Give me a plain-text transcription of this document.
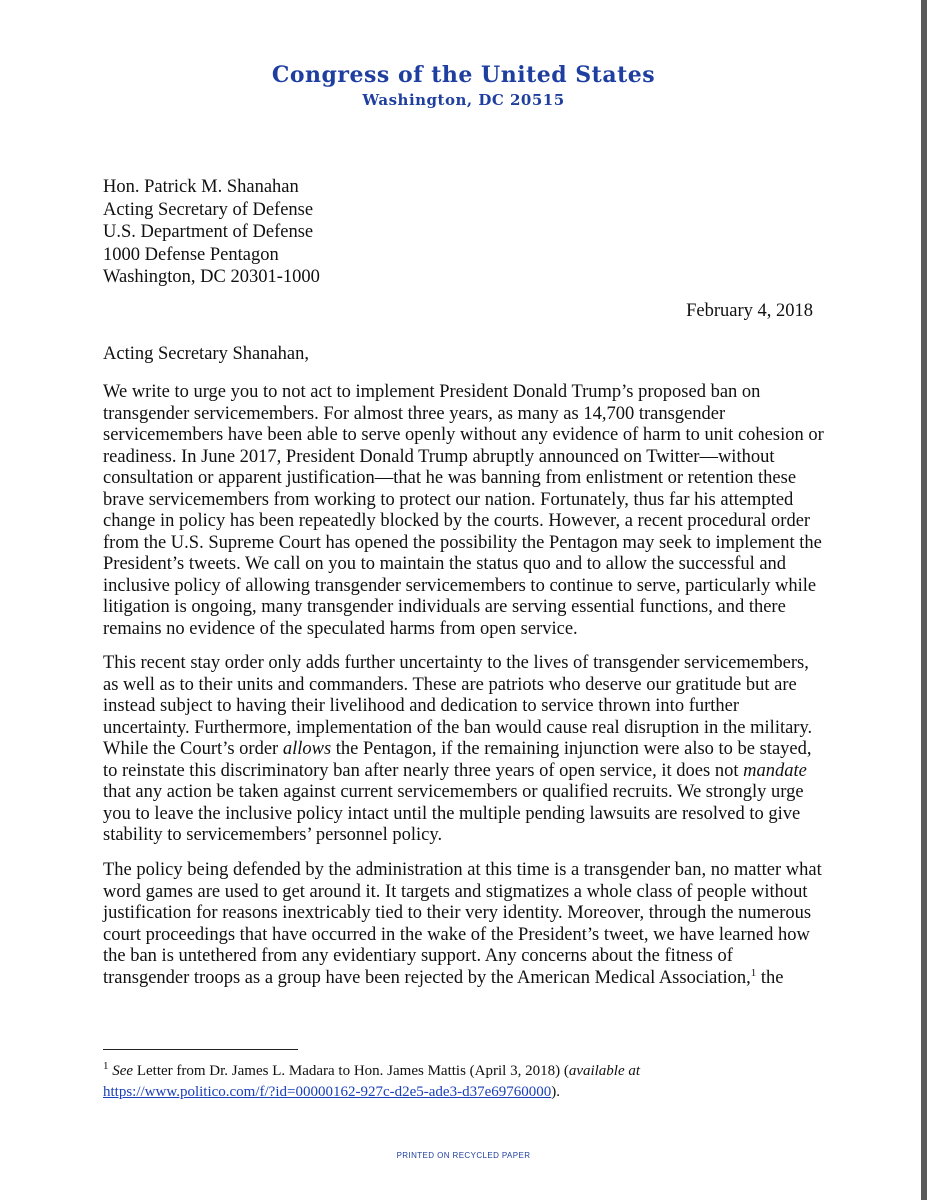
Congress of the United States
Washington, DC 20515
Hon. Patrick M. Shanahan
Acting Secretary of Defense
U.S. Department of Defense
1000 Defense Pentagon
Washington, DC 20301-1000
February 4, 2018
Acting Secretary Shanahan,
We write to urge you to not act to implement President Donald Trump’s proposed ban on
transgender servicemembers. For almost three years, as many as 14,700 transgender
servicemembers have been able to serve openly without any evidence of harm to unit cohesion or
readiness. In June 2017, President Donald Trump abruptly announced on Twitter—without
consultation or apparent justification—that he was banning from enlistment or retention these
brave servicemembers from working to protect our nation. Fortunately, thus far his attempted
change in policy has been repeatedly blocked by the courts. However, a recent procedural order
from the U.S. Supreme Court has opened the possibility the Pentagon may seek to implement the
President’s tweets. We call on you to maintain the status quo and to allow the successful and
inclusive policy of allowing transgender servicemembers to continue to serve, particularly while
litigation is ongoing, many transgender individuals are serving essential functions, and there
remains no evidence of the speculated harms from open service.
This recent stay order only adds further uncertainty to the lives of transgender servicemembers,
as well as to their units and commanders. These are patriots who deserve our gratitude but are
instead subject to having their livelihood and dedication to service thrown into further
uncertainty. Furthermore, implementation of the ban would cause real disruption in the military.
While the Court’s order allows the Pentagon, if the remaining injunction were also to be stayed,
to reinstate this discriminatory ban after nearly three years of open service, it does not mandate
that any action be taken against current servicemembers or qualified recruits. We strongly urge
you to leave the inclusive policy intact until the multiple pending lawsuits are resolved to give
stability to servicemembers’ personnel policy.
The policy being defended by the administration at this time is a transgender ban, no matter what
word games are used to get around it. It targets and stigmatizes a whole class of people without
justification for reasons inextricably tied to their very identity. Moreover, through the numerous
court proceedings that have occurred in the wake of the President’s tweet, we have learned how
the ban is untethered from any evidentiary support. Any concerns about the fitness of
transgender troops as a group have been rejected by the American Medical Association,$^1$ the
$^1$ See Letter from Dr. James L. Madara to Hon. James Mattis (April 3, 2018) (available at
https://www.politico.com/f/?id=00000162-927c-d2e5-ade3-d37e69760000).
PRINTED ON RECYCLED PAPER
